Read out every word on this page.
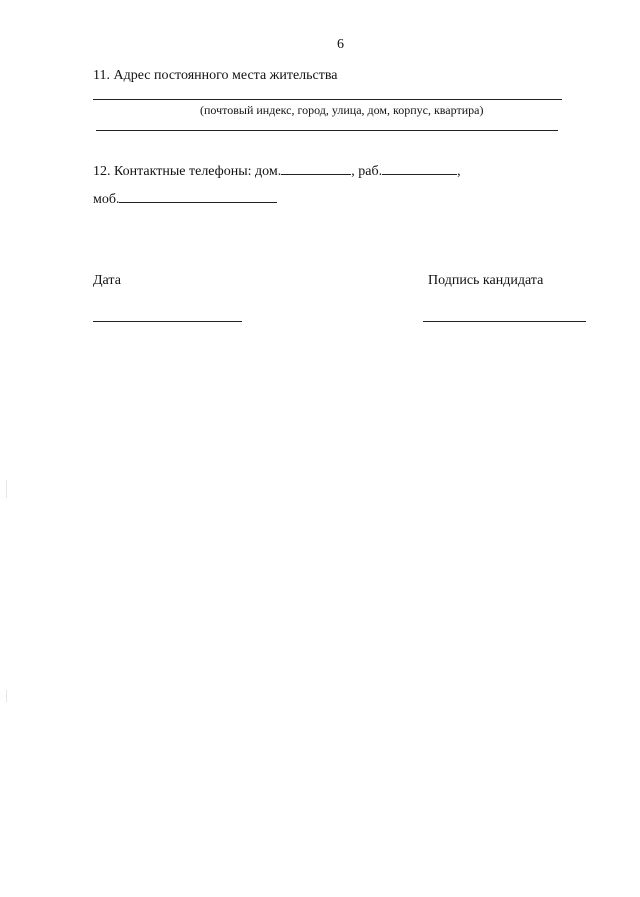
6
11. Адрес постоянного места жительства
(почтовый индекс, город, улица, дом, корпус, квартира)
12. Контактные телефоны: дом.	, раб.	,
моб.
Дата	Подпись кандидата
